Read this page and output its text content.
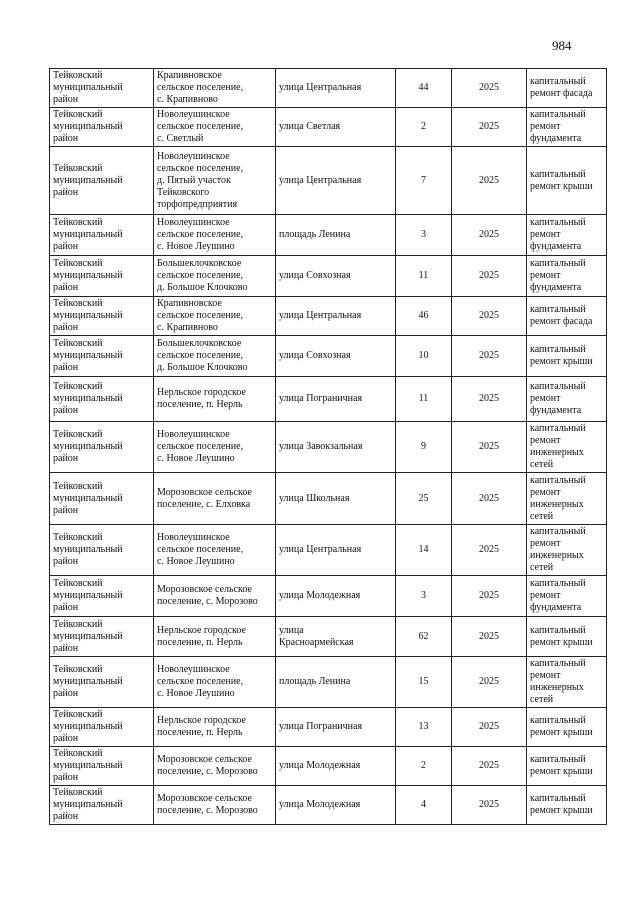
984
Тейковский
муниципальный
район	Крапивновское
сельское поселение,
с. Крапивново	улица Центральная	44	2025	капитальный
ремонт фасада
Тейковский
муниципальный
район	Новолеушинское
сельское поселение,
с. Светлый	улица Светлая	2	2025	капитальный
ремонт
фундамента
Тейковский
муниципальный
район	Новолеушинское
сельское поселение,
д. Пятый участок
Тейковского
торфопредприятия	улица Центральная	7	2025	капитальный
ремонт крыши
Тейковский
муниципальный
район	Новолеушинское
сельское поселение,
с. Новое Леушино	площадь Ленина	3	2025	капитальный
ремонт
фундамента
Тейковский
муниципальный
район	Большеклочковское
сельское поселение,
д. Большое Клочково	улица Совхозная	11	2025	капитальный
ремонт
фундамента
Тейковский
муниципальный
район	Крапивновское
сельское поселение,
с. Крапивново	улица Центральная	46	2025	капитальный
ремонт фасада
Тейковский
муниципальный
район	Большеклочковское
сельское поселение,
д. Большое Клочково	улица Совхозная	10	2025	капитальный
ремонт крыши
Тейковский
муниципальный
район	Нерльское городское
поселение, п. Нерль	улица Пограничная	11	2025	капитальный
ремонт
фундамента
Тейковский
муниципальный
район	Новолеушинское
сельское поселение,
с. Новое Леушино	улица Завокзальная	9	2025	капитальный
ремонт
инженерных
сетей
Тейковский
муниципальный
район	Морозовское сельское
поселение, с. Елховка	улица Школьная	25	2025	капитальный
ремонт
инженерных
сетей
Тейковский
муниципальный
район	Новолеушинское
сельское поселение,
с. Новое Леушино	улица Центральная	14	2025	капитальный
ремонт
инженерных
сетей
Тейковский
муниципальный
район	Морозовское сельское
поселение, с. Морозово	улица Молодежная	3	2025	капитальный
ремонт
фундамента
Тейковский
муниципальный
район	Нерльское городское
поселение, п. Нерль	улица
Красноармейская	62	2025	капитальный
ремонт крыши
Тейковский
муниципальный
район	Новолеушинское
сельское поселение,
с. Новое Леушино	площадь Ленина	15	2025	капитальный
ремонт
инженерных
сетей
Тейковский
муниципальный
район	Нерльское городское
поселение, п. Нерль	улица Пограничная	13	2025	капитальный
ремонт крыши
Тейковский
муниципальный
район	Морозовское сельское
поселение, с. Морозово	улица Молодежная	2	2025	капитальный
ремонт крыши
Тейковский
муниципальный
район	Морозовское сельское
поселение, с. Морозово	улица Молодежная	4	2025	капитальный
ремонт крыши
